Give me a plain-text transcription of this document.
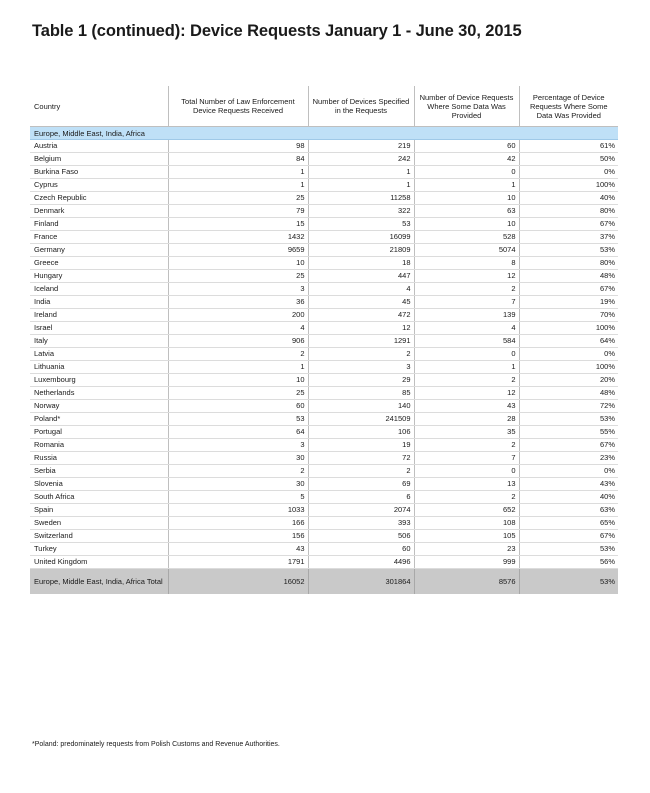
Table 1 (continued): Device Requests January 1 - June 30, 2015
Country	Total Number of Law Enforcement Device Requests Received	Number of Devices Specified in the Requests	Number of Device Requests Where Some Data Was Provided	Percentage of Device Requests Where Some Data Was Provided
Europe, Middle East, India, Africa				
Austria	98	219	60	61%
Belgium	84	242	42	50%
Burkina Faso	1	1	0	0%
Cyprus	1	1	1	100%
Czech Republic	25	11258	10	40%
Denmark	79	322	63	80%
Finland	15	53	10	67%
France	1432	16099	528	37%
Germany	9659	21809	5074	53%
Greece	10	18	8	80%
Hungary	25	447	12	48%
Iceland	3	4	2	67%
India	36	45	7	19%
Ireland	200	472	139	70%
Israel	4	12	4	100%
Italy	906	1291	584	64%
Latvia	2	2	0	0%
Lithuania	1	3	1	100%
Luxembourg	10	29	2	20%
Netherlands	25	85	12	48%
Norway	60	140	43	72%
Poland*	53	241509	28	53%
Portugal	64	106	35	55%
Romania	3	19	2	67%
Russia	30	72	7	23%
Serbia	2	2	0	0%
Slovenia	30	69	13	43%
South Africa	5	6	2	40%
Spain	1033	2074	652	63%
Sweden	166	393	108	65%
Switzerland	156	506	105	67%
Turkey	43	60	23	53%
United Kingdom	1791	4496	999	56%
Europe, Middle East, India, Africa Total	16052	301864	8576	53%
*Poland: predominately requests from Polish Customs and Revenue Authorities.
